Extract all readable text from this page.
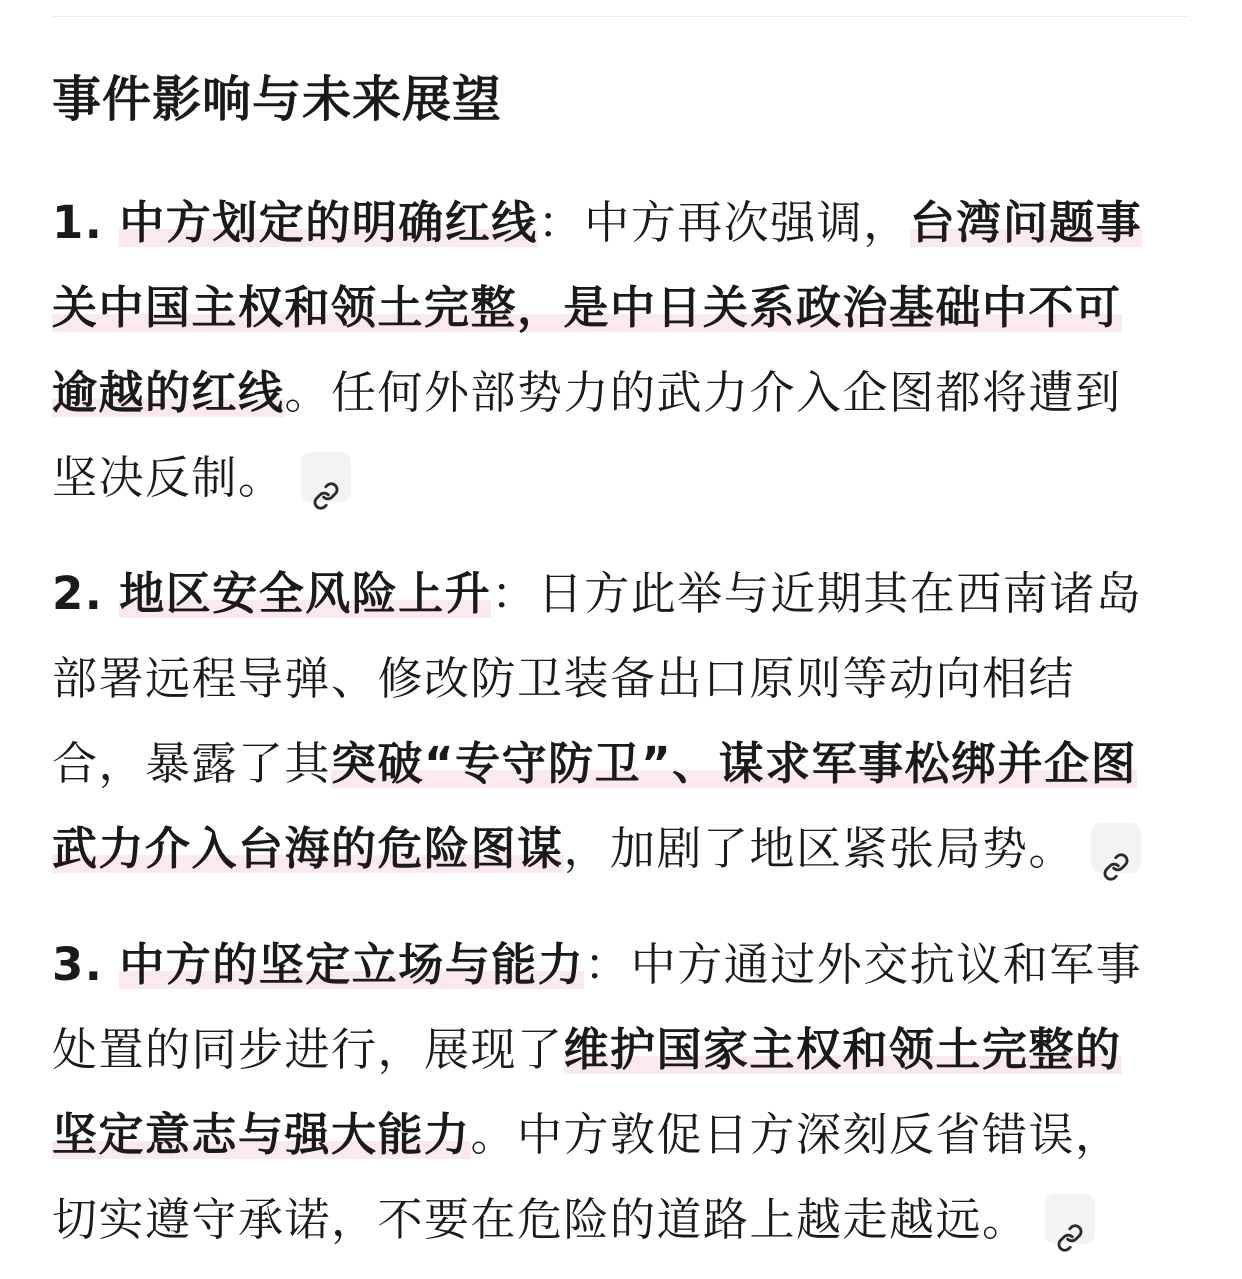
事件影响与未来展望

1. 中方划定的明确红线：中方再次强调，台湾问题事关中国主权和领土完整，是中日关系政治基础中不可逾越的红线。任何外部势力的武力介入企图都将遭到坚决反制。

2. 地区安全风险上升：日方此举与近期其在西南诸岛部署远程导弹、修改防卫装备出口原则等动向相结合，暴露了其突破“专守防卫”、谋求军事松绑并企图武力介入台海的危险图谋，加剧了地区紧张局势。

3. 中方的坚定立场与能力：中方通过外交抗议和军事处置的同步进行，展现了维护国家主权和领土完整的坚定意志与强大能力。中方敦促日方深刻反省错误，切实遵守承诺，不要在危险的道路上越走越远。
